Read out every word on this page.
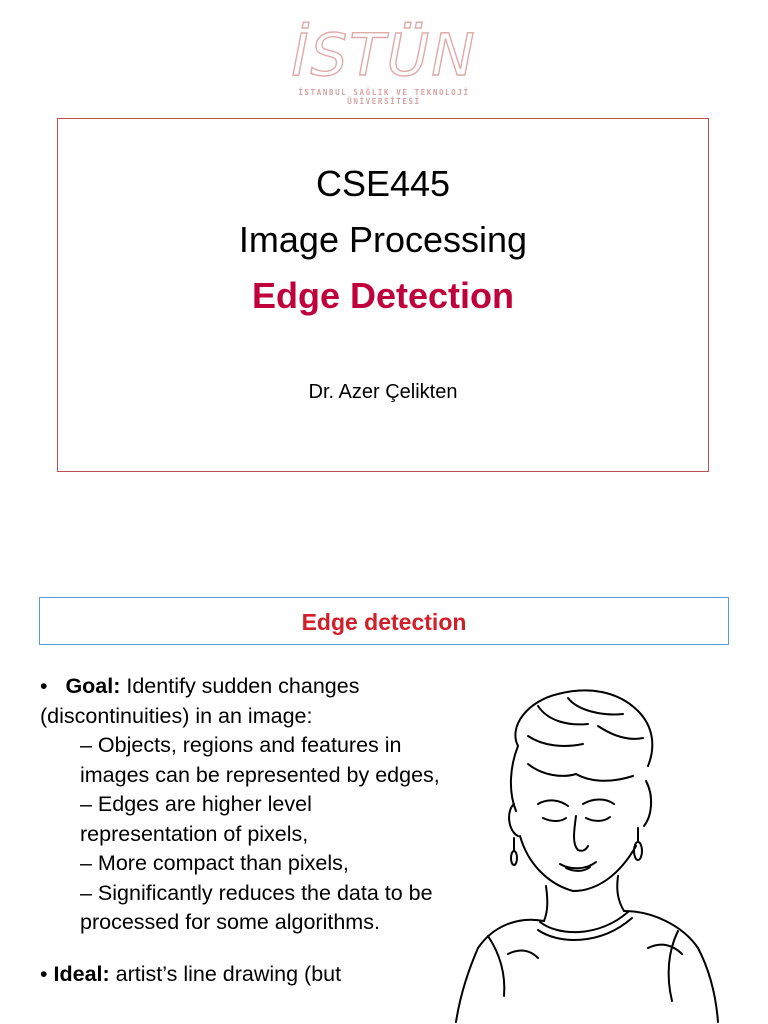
İSTÜN
İSTANBUL SAĞLIK VE TEKNOLOJİ
ÜNİVERSİTESİ
CSE445
Image Processing
Edge Detection
Dr. Azer Çelikten
Edge detection

•   Goal: Identify sudden changes

(discontinuities) in an image:

– Objects, regions and features in images can be represented by edges,

– Edges are higher level representation of pixels,

– More compact than pixels,

– Significantly reduces the data to be processed for some algorithms.

• Ideal: artist’s line drawing (but
